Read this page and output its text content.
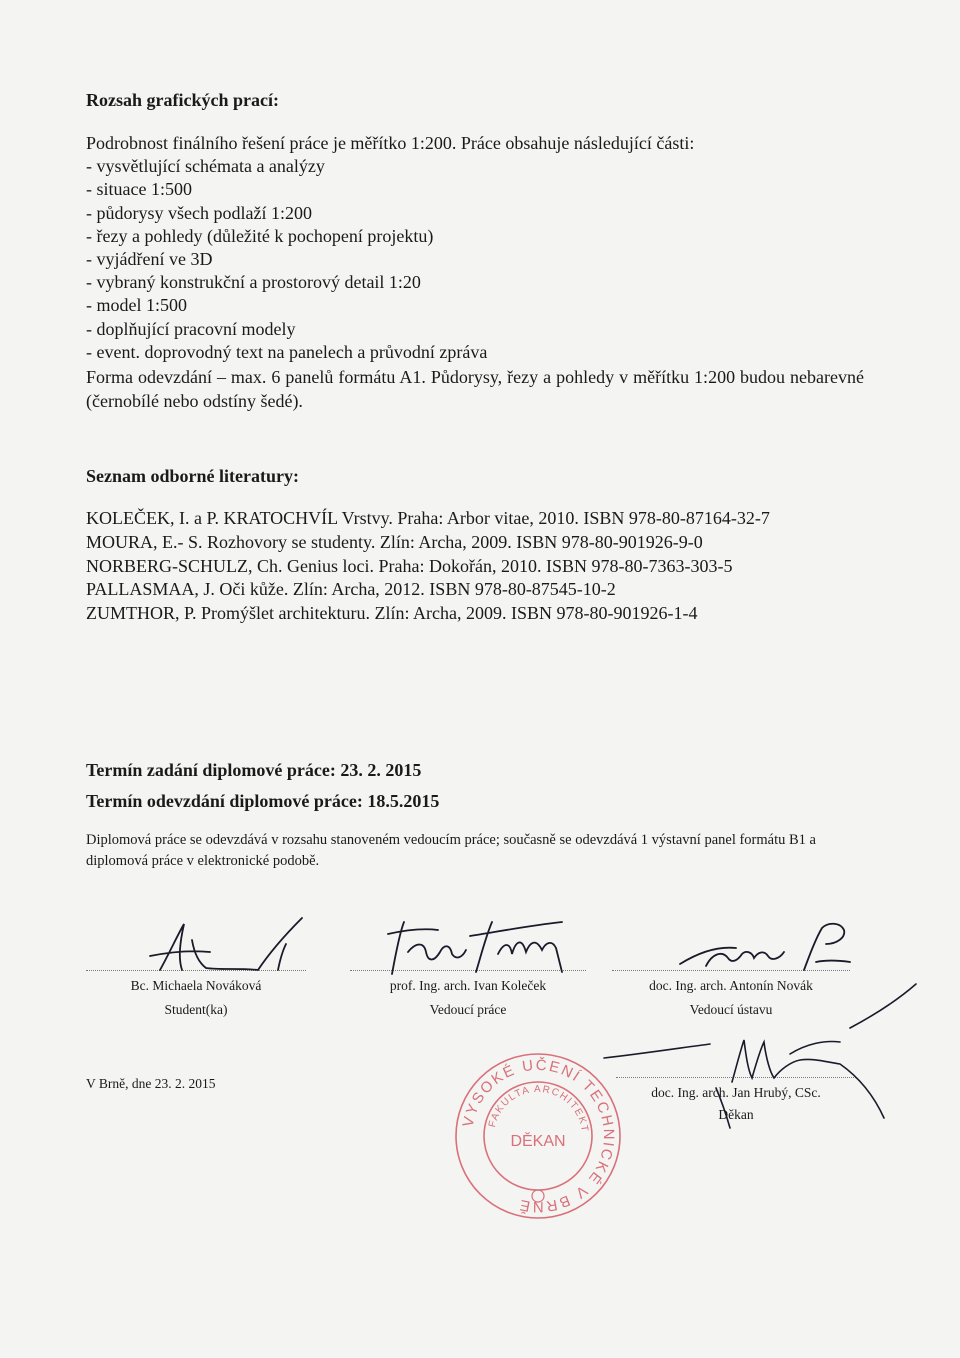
Rozsah grafických prací:
Podrobnost finálního řešení práce je měřítko 1:200. Práce obsahuje následující části:
- vysvětlující schémata a analýzy
- situace 1:500
- půdorysy všech podlaží 1:200
- řezy a pohledy (důležité k pochopení projektu)
- vyjádření ve 3D
- vybraný konstrukční a prostorový detail 1:20
- model 1:500
- doplňující pracovní modely
- event. doprovodný text na panelech a průvodní zpráva
Forma odevzdání – max. 6 panelů formátu A1. Půdorysy, řezy a pohledy v měřítku 1:200 budou nebarevné (černobílé nebo odstíny šedé).
Seznam odborné literatury:
KOLEČEK, I. a P. KRATOCHVÍL Vrstvy. Praha: Arbor vitae, 2010. ISBN 978-80-87164-32-7
MOURA, E.- S. Rozhovory se studenty. Zlín: Archa, 2009. ISBN 978-80-901926-9-0
NORBERG-SCHULZ, Ch. Genius loci. Praha: Dokořán, 2010. ISBN 978-80-7363-303-5
PALLASMAA, J. Oči kůže. Zlín: Archa, 2012. ISBN 978-80-87545-10-2
ZUMTHOR, P. Promýšlet architekturu. Zlín: Archa, 2009. ISBN 978-80-901926-1-4
Termín zadání diplomové práce: 23. 2. 2015
Termín odevzdání diplomové práce: 18.5.2015
Diplomová práce se odevzdává v rozsahu stanoveném vedoucím práce; současně se odevzdává 1 výstavní panel formátu B1 a diplomová práce v elektronické podobě.
Bc. Michaela Nováková
Student(ka)
prof. Ing. arch. Ivan Koleček
Vedoucí práce
doc. Ing. arch. Antonín Novák
Vedoucí ústavu
V Brně, dne 23. 2. 2015
VYSOKÉ UČENÍ TECHNICKÉ V BRNĚ
FAKULTA ARCHITEKTURY
DĚKAN
doc. Ing. arch. Jan Hrubý, CSc.
Děkan
